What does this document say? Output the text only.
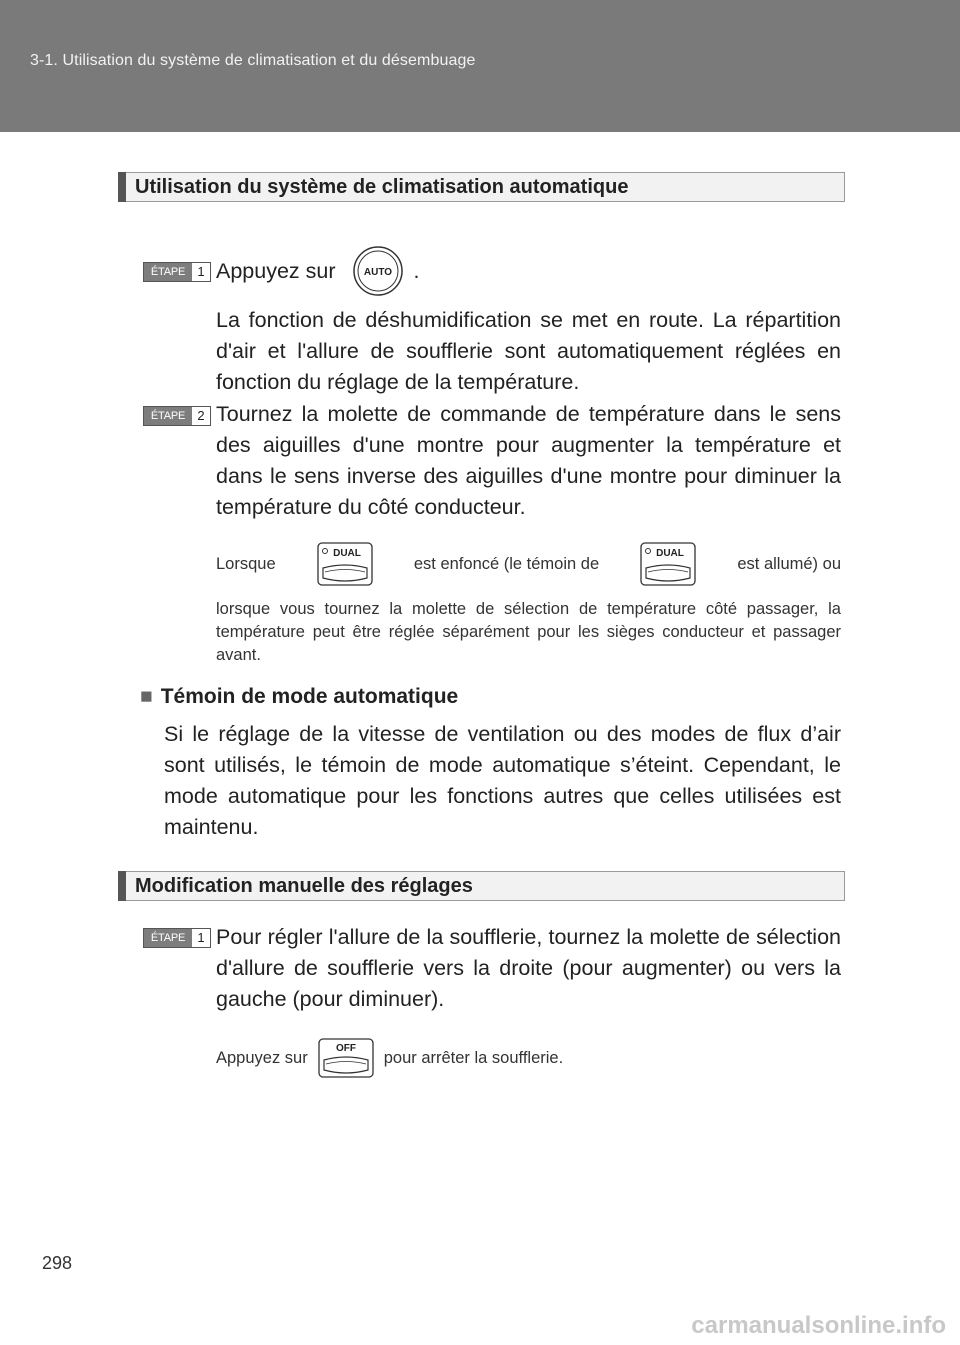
3-1. Utilisation du système de climatisation et du désembuage
Utilisation du système de climatisation automatique
ÉTAPE 1 Appuyez sur	AUTO .
La fonction de déshumidification se met en route. La répartition d'air et l'allure de soufflerie sont automatiquement réglées en fonction du réglage de la température.
ÉTAPE 2 Tournez la molette de commande de température dans le sens des aiguilles d'une montre pour augmenter la température et dans le sens inverse des aiguilles d'une montre pour diminuer la température du côté conducteur.
Lorsque
DUAL
est enfoncé (le témoin de
DUAL
est allumé) ou
lorsque vous tournez la molette de sélection de température côté passager, la température peut être réglée séparément pour les sièges conducteur et passager avant.
■ Témoin de mode automatique
Si le réglage de la vitesse de ventilation ou des modes de flux d’air sont utilisés, le témoin de mode automatique s’éteint. Cependant, le mode automatique pour les fonctions autres que celles utilisées est maintenu.
Modification manuelle des réglages
ÉTAPE 1 Pour régler l'allure de la soufflerie, tournez la molette de sélection d'allure de soufflerie vers la droite (pour augmenter) ou vers la gauche (pour diminuer).
Appuyez sur	OFF pour arrêter la soufflerie.
298
carmanualsonline.info
